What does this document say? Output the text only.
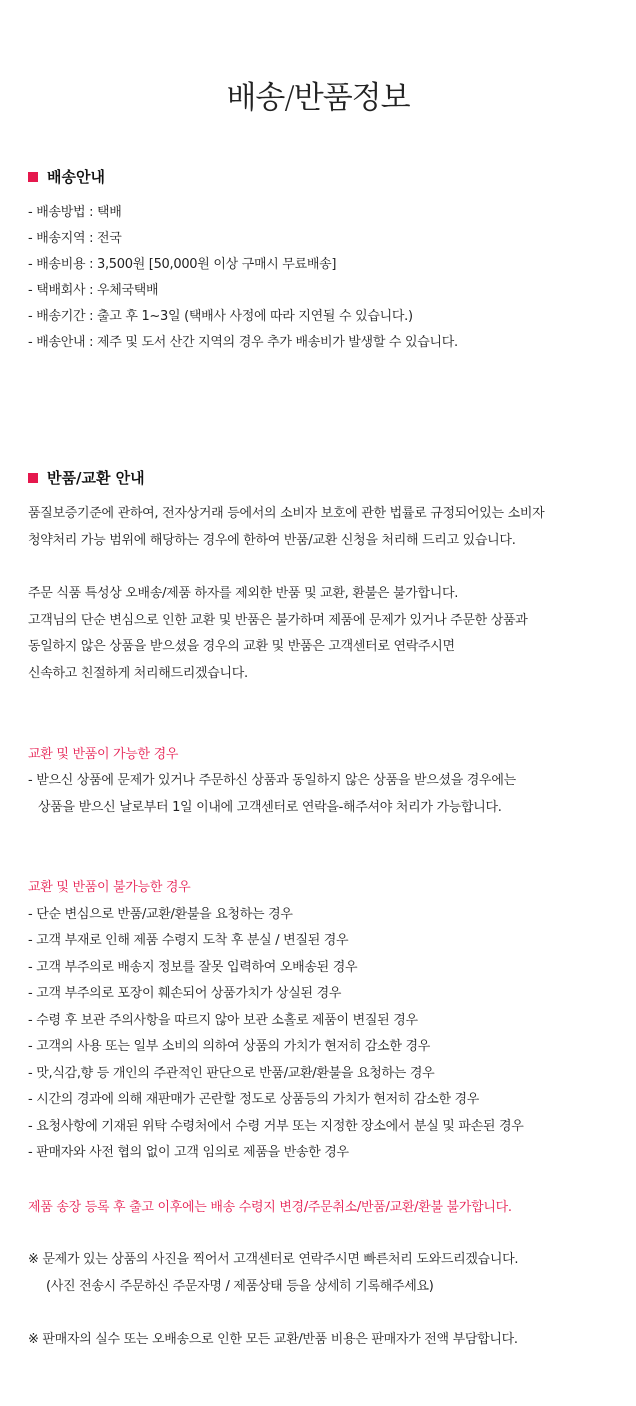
배송/반품정보
배송안내

- 배송방법 : 택배

- 배송지역 : 전국

- 배송비용 : 3,500원 [50,000원 이상 구매시 무료배송]

- 택배회사 : 우체국택배

- 배송기간 : 출고 후 1~3일 (택배사 사정에 따라 지연될 수 있습니다.)

- 배송안내 : 제주 및 도서 산간 지역의 경우 추가 배송비가 발생할 수 있습니다.

반품/교환 안내

품질보증기준에 관하여, 전자상거래 등에서의 소비자 보호에 관한 법률로 규정되어있는 소비자

청약처리 가능 범위에 해당하는 경우에 한하여 반품/교환 신청을 처리해 드리고 있습니다.

주문 식품 특성상 오배송/제품 하자를 제외한 반품 및 교환, 환불은 불가합니다.

고객님의 단순 변심으로 인한 교환 및 반품은 불가하며 제품에 문제가 있거나 주문한 상품과

동일하지 않은 상품을 받으셨을 경우의 교환 및 반품은 고객센터로 연락주시면

신속하고 친절하게 처리해드리겠습니다.

교환 및 반품이 가능한 경우

- 받으신 상품에 문제가 있거나 주문하신 상품과 동일하지 않은 상품을 받으셨을 경우에는

상품을 받으신 날로부터 1일 이내에 고객센터로 연락을-해주셔야 처리가 가능합니다.

교환 및 반품이 불가능한 경우

- 단순 변심으로 반품/교환/환불을 요청하는 경우

- 고객 부재로 인해 제품 수령지 도착 후 분실 / 변질된 경우

- 고객 부주의로 배송지 정보를 잘못 입력하여 오배송된 경우

- 고객 부주의로 포장이 훼손되어 상품가치가 상실된 경우

- 수령 후 보관 주의사항을 따르지 않아 보관 소홀로 제품이 변질된 경우

- 고객의 사용 또는 일부 소비의 의하여 상품의 가치가 현저히 감소한 경우

- 맛,식감,향 등 개인의 주관적인 판단으로 반품/교환/환불을 요청하는 경우

- 시간의 경과에 의해 재판매가 곤란할 정도로 상품등의 가치가 현저히 감소한 경우

- 요청사항에 기재된 위탁 수령처에서 수령 거부 또는 지정한 장소에서 분실 및 파손된 경우

- 판매자와 사전 협의 없이 고객 임의로 제품을 반송한 경우

제품 송장 등록 후 출고 이후에는 배송 수령지 변경/주문취소/반품/교환/환불 불가합니다.

※ 문제가 있는 상품의 사진을 찍어서 고객센터로 연락주시면 빠른처리 도와드리겠습니다.

(사진 전송시 주문하신 주문자명 / 제품상태 등을 상세히 기록해주세요)

※ 판매자의 실수 또는 오배송으로 인한 모든 교환/반품 비용은 판매자가 전액 부담합니다.
